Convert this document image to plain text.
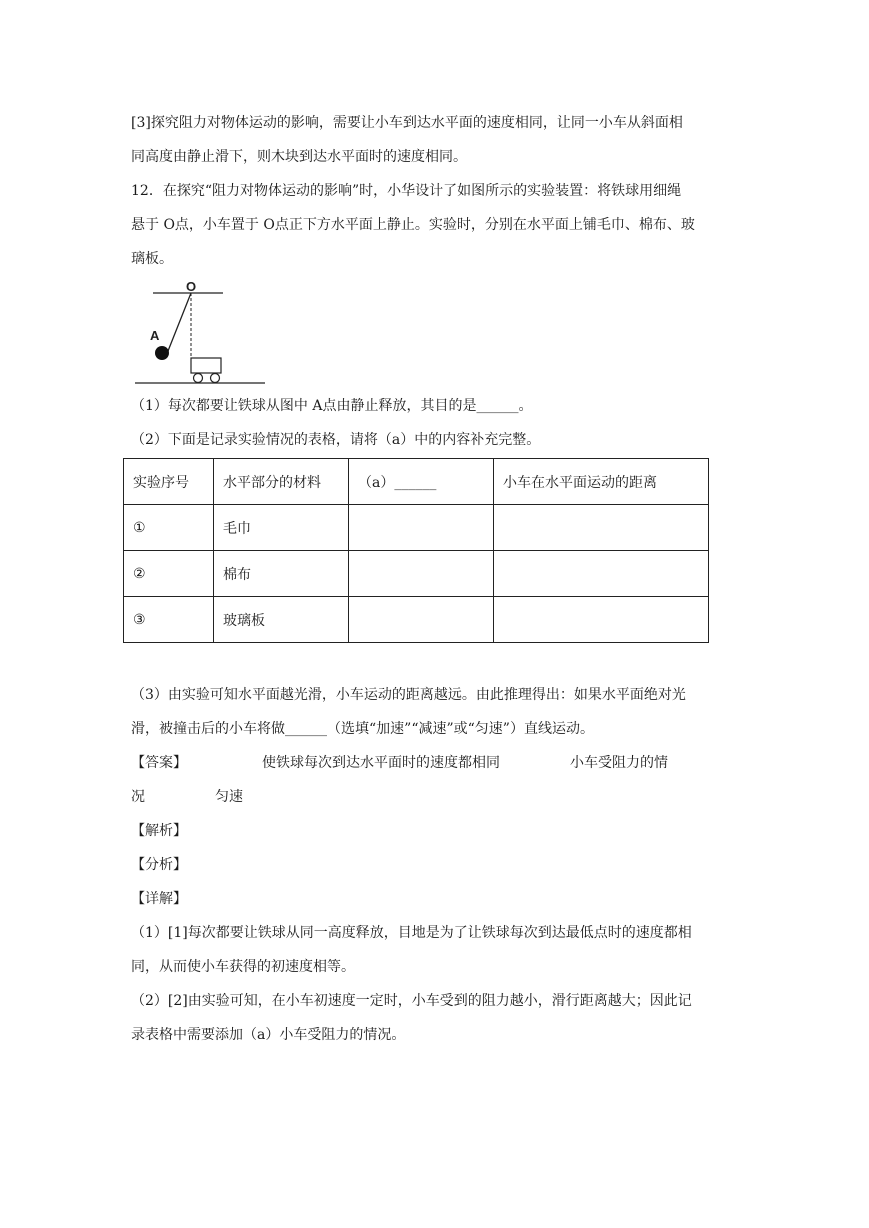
[3]探究阻力对物体运动的影响，需要让小车到达水平面的速度相同，让同一小车从斜面相
同高度由静止滑下，则木块到达水平面时的速度相同。
12．在探究“阻力对物体运动的影响”时，小华设计了如图所示的实验装置：将铁球用细绳
悬于 O点，小车置于 O点正下方水平面上静止。实验时，分别在水平面上铺毛巾、棉布、玻
璃板。
O
A
（1）每次都要让铁球从图中 A点由静止释放，其目的是______。
（2）下面是记录实验情况的表格，请将（a）中的内容补充完整。
实验序号	水平部分的材料	（a）______	小车在水平面运动的距离
①	毛巾		
②	棉布		
③	玻璃板		
（3）由实验可知水平面越光滑，小车运动的距离越远。由此推理得出：如果水平面绝对光
滑，被撞击后的小车将做______（选填“加速”“减速”或“匀速”）直线运动。
【答案】	使铁球每次到达水平面时的速度都相同	小车受阻力的情
况	匀速
【解析】
【分析】
【详解】
（1）[1]每次都要让铁球从同一高度释放，目地是为了让铁球每次到达最低点时的速度都相
同，从而使小车获得的初速度相等。
（2）[2]由实验可知，在小车初速度一定时，小车受到的阻力越小，滑行距离越大；因此记
录表格中需要添加（a）小车受阻力的情况。
